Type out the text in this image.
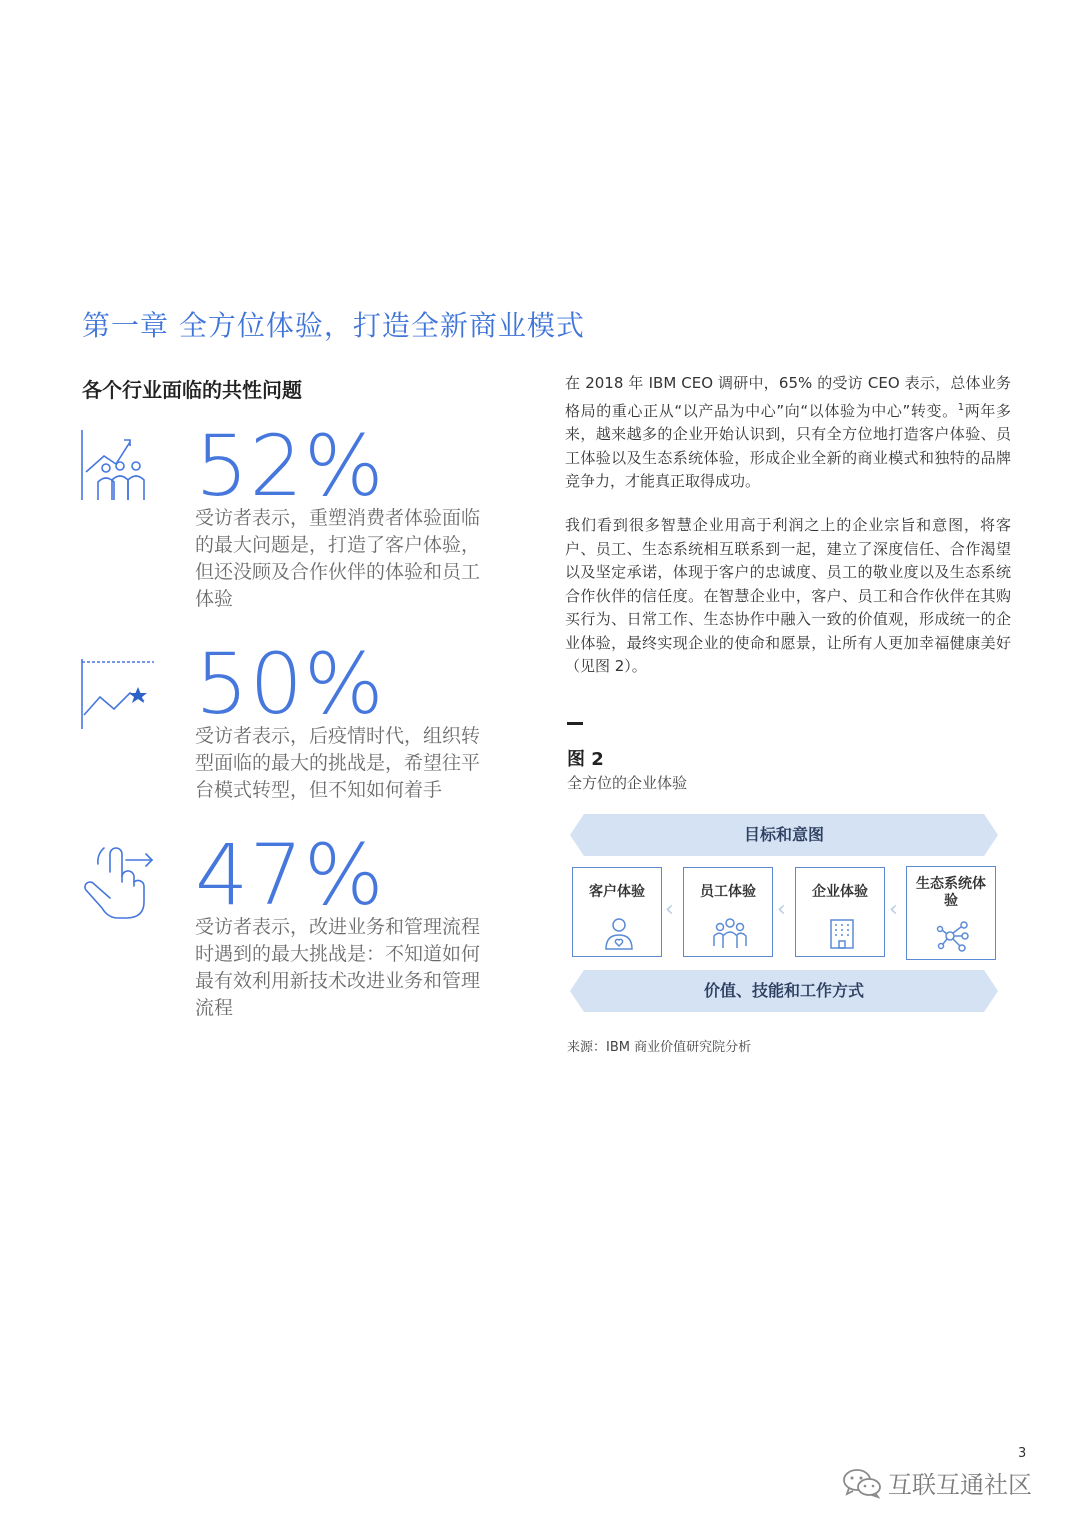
第一章 全方位体验，打造全新商业模式
各个行业面临的共性问题
52%
受访者表示，重塑消费者体验面临的最大问题是，打造了客户体验，但还没顾及合作伙伴的体验和员工体验
50%
受访者表示，后疫情时代，组织转型面临的最大的挑战是，希望往平台模式转型，但不知如何着手
47%
受访者表示，改进业务和管理流程时遇到的最大挑战是：不知道如何最有效利用新技术改进业务和管理流程
在 2018 年 IBM CEO 调研中，65% 的受访 CEO 表示，总体业务格局的重心正从“以产品为中心”向“以体验为中心”转变。$^1$两年多来，越来越多的企业开始认识到，只有全方位地打造客户体验、员工体验以及生态系统体验，形成企业全新的商业模式和独特的品牌竞争力，才能真正取得成功。
我们看到很多智慧企业用高于利润之上的企业宗旨和意图，将客户、员工、生态系统相互联系到一起，建立了深度信任、合作渴望以及坚定承诺，体现于客户的忠诚度、员工的敬业度以及生态系统合作伙伴的信任度。在智慧企业中，客户、员工和合作伙伴在其购买行为、日常工作、生态协作中融入一致的价值观，形成统一的企业体验，最终实现企业的使命和愿景，让所有人更加幸福健康美好（见图 2）。
图 2
全方位的企业体验
目标和意图
客户体验
‹
员工体验
‹
企业体验
‹
生态系统体验
价值、技能和工作方式
来源：IBM 商业价值研究院分析
3
互联互通社区
